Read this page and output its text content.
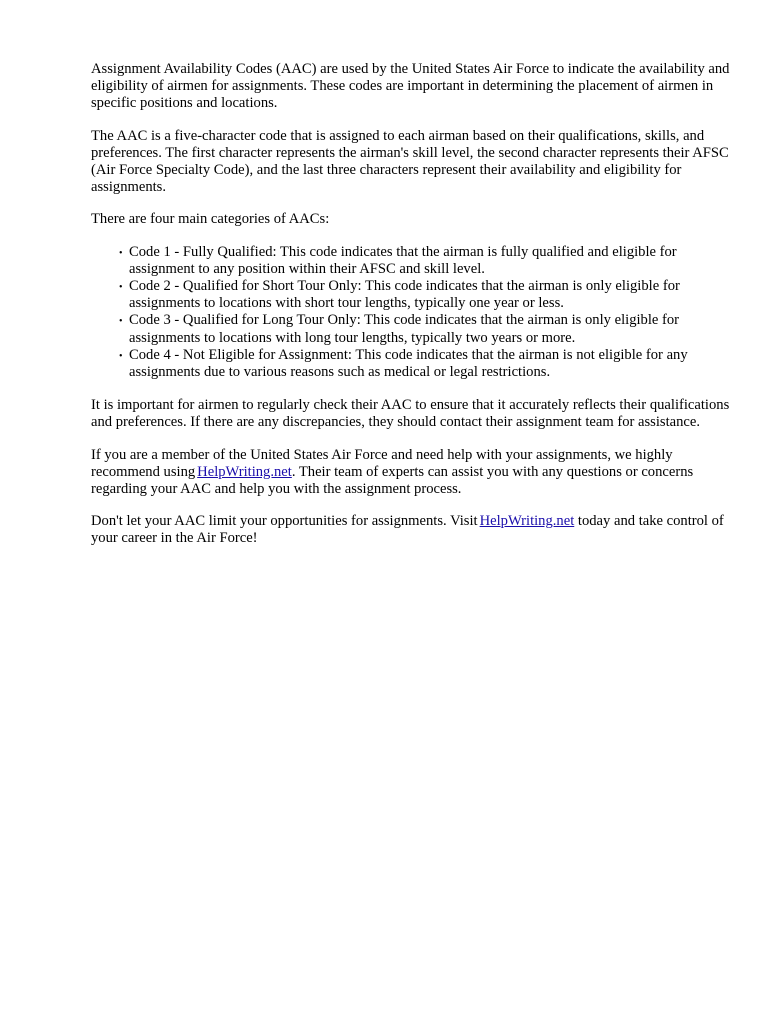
Assignment Availability Codes (AAC) are used by the United States Air Force to indicate the availability and eligibility of airmen for assignments. These codes are important in determining the placement of airmen in specific positions and locations.

The AAC is a five-character code that is assigned to each airman based on their qualifications, skills, and preferences. The first character represents the airman's skill level, the second character represents their AFSC (Air Force Specialty Code), and the last three characters represent their availability and eligibility for assignments.

There are four main categories of AACs:

• Code 1 - Fully Qualified: This code indicates that the airman is fully qualified and eligible for assignment to any position within their AFSC and skill level.
• Code 2 - Qualified for Short Tour Only: This code indicates that the airman is only eligible for assignments to locations with short tour lengths, typically one year or less.
• Code 3 - Qualified for Long Tour Only: This code indicates that the airman is only eligible for assignments to locations with long tour lengths, typically two years or more.
• Code 4 - Not Eligible for Assignment: This code indicates that the airman is not eligible for any assignments due to various reasons such as medical or legal restrictions.

It is important for airmen to regularly check their AAC to ensure that it accurately reflects their qualifications and preferences. If there are any discrepancies, they should contact their assignment team for assistance.

If you are a member of the United States Air Force and need help with your assignments, we highly recommend using HelpWriting.net. Their team of experts can assist you with any questions or concerns regarding your AAC and help you with the assignment process.

Don't let your AAC limit your opportunities for assignments. Visit HelpWriting.net today and take control of your career in the Air Force!
